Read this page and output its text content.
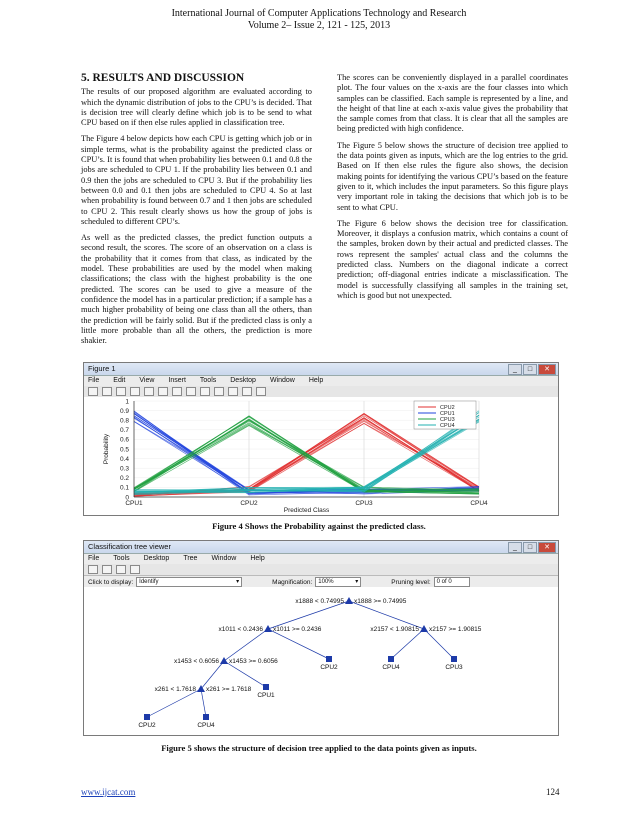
International Journal of Computer Applications Technology and Research
Volume 2– Issue 2, 121 - 125, 2013
5. RESULTS AND DISCUSSION

The results of our proposed algorithm are evaluated according to which the dynamic distribution of jobs to the CPU’s is decided. That is decision tree will clearly define which job is to be send to what CPU based on if then else rules applied in classification tree.

The Figure 4 below depicts how each CPU is getting which job or in simple terms, what is the probability against the predicted class or CPU’s. It is found that when probability lies between 0.1 and 0.8 the jobs are scheduled to CPU 1. If the probability lies between 0.1 and 0.9 then the jobs are scheduled to CPU 3. But if the probability lies between 0.0 and 0.1 then jobs are scheduled to CPU 4. So at last when probability is found between 0.7 and 1 then jobs are scheduled to CPU 2. This result clearly shows us how the group of jobs is scheduled to different CPU’s.

As well as the predicted classes, the predict function outputs a second result, the scores. The score of an observation on a class is the probability that it comes from that class, as indicated by the model. These probabilities are used by the model when making classifications; the class with the highest probability is the one predicted. The scores can be used to give a measure of the confidence the model has in a particular prediction; if a sample has a much higher probability of being one class than all the others, than the prediction will be fairly solid. But if the predicted class is only a little more probable than all the others, the prediction is more shakier.

The scores can be conveniently displayed in a parallel coordinates plot. The four values on the x-axis are the four classes into which samples can be classified. Each sample is represented by a line, and the height of that line at each x-axis value gives the probability that the sample comes from that class. It is clear that all the samples are being predicted with high confidence.

The Figure 5 below shows the structure of decision tree applied to the data points given as inputs, which are the log entries to the grid. Based on If then else rules the figure also shows, the decision making points for identifying the various CPU’s based on the feature given to it, which includes the input parameters. So this figure plays very important role in taking the decisions that which job is to be sent to what CPU.

The Figure 6 below shows the decision tree for classification. Moreover, it displays a confusion matrix, which contains a count of the samples, broken down by their actual and predicted classes. The rows represent the samples' actual class and the columns the predicted class. Numbers on the diagonal indicate a correct prediction; off-diagonal entries indicate a misclassification. The model is successfully classifying all samples in the training set, which is good but not unexpected.

Figure 1	_	□	✕
File Edit View Insert Tools Desktop Window Help
0
0.1
0.2
0.3
0.4
0.5
0.6
0.7
0.8
0.9
1
CPU1	CPU2	CPU3	CPU4
Predicted Class
Probability
CPU2
CPU1
CPU3
CPU4
Figure 4 Shows the Probability against the predicted class.
Classification tree viewer	_	□	✕
File Tools Desktop Tree Window Help
Click to display:	Identify	▾	Magnification:	100%	▾	Pruning level:	0 of 0
x1888 < 0.74995 x1888 >= 0.74995
x1011 < 0.2436 x1011 >= 0.2436	x2157 < 1.90815 x2157 >= 1.90815
x1453 < 0.6056 x1453 >= 0.6056
x261 < 1.7618 x261 >= 1.7618
CPU2	CPU4	CPU3
CPU1
CPU2	CPU4
Figure 5 shows the structure of decision tree applied to the data points given as inputs.
www.ijcat.com	124
